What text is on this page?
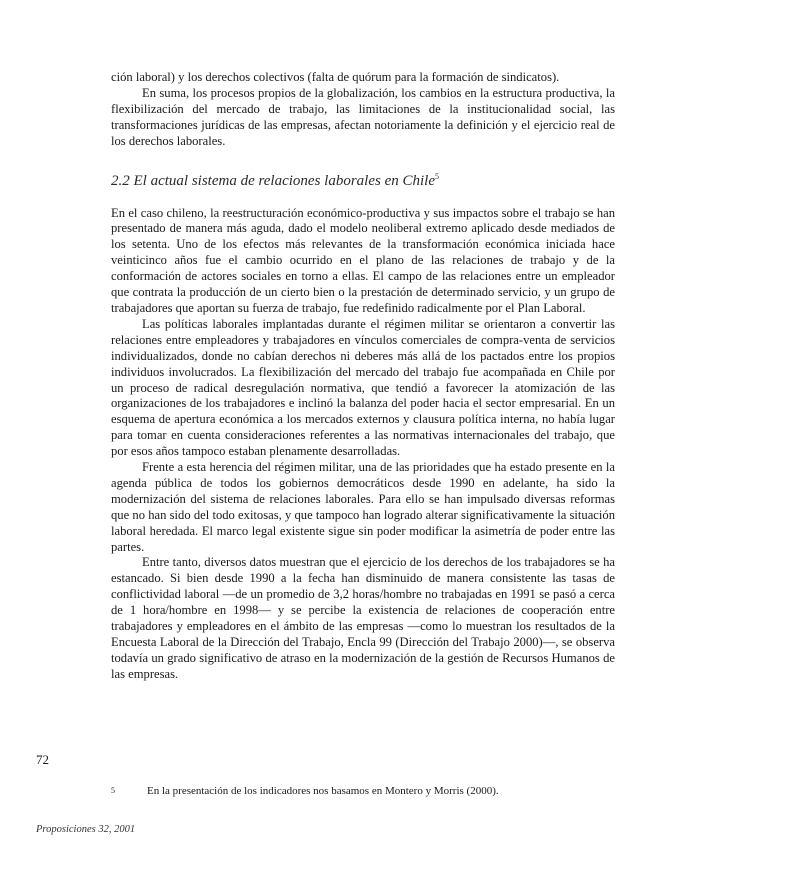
ción laboral) y los derechos colectivos (falta de quórum para la formación de sindicatos).

En suma, los procesos propios de la globalización, los cambios en la estructura productiva, la flexibilización del mercado de trabajo, las limitaciones de la institucionalidad social, las transformaciones jurídicas de las empresas, afectan notoriamente la definición y el ejercicio real de los derechos laborales.

2.2 El actual sistema de relaciones laborales en Chile$^5$

En el caso chileno, la reestructuración económico-productiva y sus impactos sobre el trabajo se han presentado de manera más aguda, dado el modelo neoliberal extremo aplicado desde mediados de los setenta. Uno de los efectos más relevantes de la transformación económica iniciada hace veinticinco años fue el cambio ocurrido en el plano de las relaciones de trabajo y de la conformación de actores sociales en torno a ellas. El campo de las relaciones entre un empleador que contrata la producción de un cierto bien o la prestación de determinado servicio, y un grupo de trabajadores que aportan su fuerza de trabajo, fue redefinido radicalmente por el Plan Laboral.

Las políticas laborales implantadas durante el régimen militar se orientaron a convertir las relaciones entre empleadores y trabajadores en vínculos comerciales de compra-venta de servicios individualizados, donde no cabían derechos ni deberes más allá de los pactados entre los propios individuos involucrados. La flexibilización del mercado del trabajo fue acompañada en Chile por un proceso de radical desregulación normativa, que tendió a favorecer la atomización de las organizaciones de los trabajadores e inclinó la balanza del poder hacia el sector empresarial. En un esquema de apertura económica a los mercados externos y clausura política interna, no había lugar para tomar en cuenta consideraciones referentes a las normativas internacionales del trabajo, que por esos años tampoco estaban plenamente desarrolladas.

Frente a esta herencia del régimen militar, una de las prioridades que ha estado presente en la agenda pública de todos los gobiernos democráticos desde 1990 en adelante, ha sido la modernización del sistema de relaciones laborales. Para ello se han impulsado diversas reformas que no han sido del todo exitosas, y que tampoco han logrado alterar significativamente la situación laboral heredada. El marco legal existente sigue sin poder modificar la asimetría de poder entre las partes.

Entre tanto, diversos datos muestran que el ejercicio de los derechos de los trabajadores se ha estancado. Si bien desde 1990 a la fecha han disminuido de manera consistente las tasas de conflictividad laboral —de un promedio de 3,2 horas/hombre no trabajadas en 1991 se pasó a cerca de 1 hora/hombre en 1998— y se percibe la existencia de relaciones de cooperación entre trabajadores y empleadores en el ámbito de las empresas —como lo muestran los resultados de la Encuesta Laboral de la Dirección del Trabajo, Encla 99 (Dirección del Trabajo 2000)—, se observa todavía un grado significativo de atraso en la modernización de la gestión de Recursos Humanos de las empresas.

72
5	En la presentación de los indicadores nos basamos en Montero y Morris (2000).
Proposiciones 32, 2001
